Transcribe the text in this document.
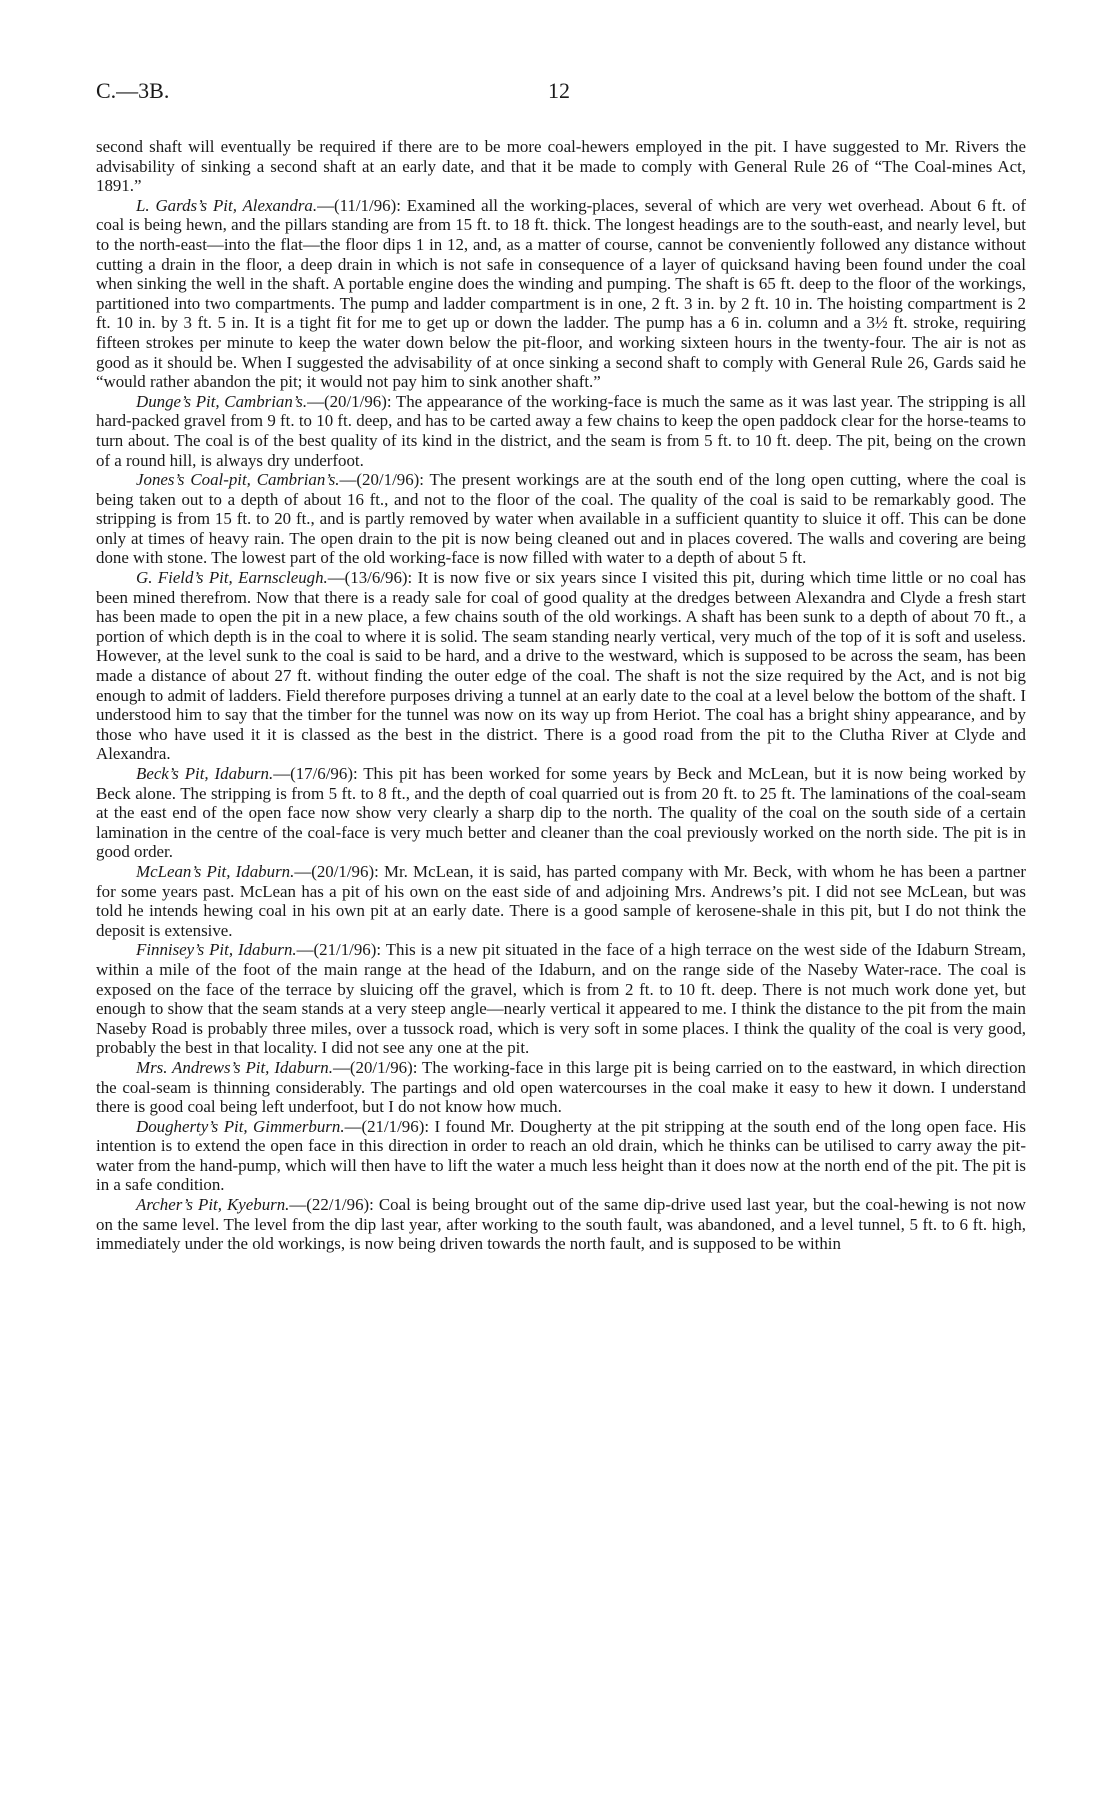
C.—3B.	12

second shaft will eventually be required if there are to be more coal-hewers employed in the pit. I have suggested to Mr. Rivers the advisability of sinking a second shaft at an early date, and that it be made to comply with General Rule 26 of “The Coal-mines Act, 1891.”

L. Gards’s Pit, Alexandra.—(11/1/96): Examined all the working-places, several of which are very wet overhead. About 6 ft. of coal is being hewn, and the pillars standing are from 15 ft. to 18 ft. thick. The longest headings are to the south-east, and nearly level, but to the north-east—into the flat—the floor dips 1 in 12, and, as a matter of course, cannot be conveniently followed any distance without cutting a drain in the floor, a deep drain in which is not safe in consequence of a layer of quicksand having been found under the coal when sinking the well in the shaft. A portable engine does the winding and pumping. The shaft is 65 ft. deep to the floor of the workings, partitioned into two compartments. The pump and ladder compartment is in one, 2 ft. 3 in. by 2 ft. 10 in. The hoisting compartment is 2 ft. 10 in. by 3 ft. 5 in. It is a tight fit for me to get up or down the ladder. The pump has a 6 in. column and a 3½ ft. stroke, requiring fifteen strokes per minute to keep the water down below the pit-floor, and working sixteen hours in the twenty-four. The air is not as good as it should be. When I suggested the advisability of at once sinking a second shaft to comply with General Rule 26, Gards said he “would rather abandon the pit; it would not pay him to sink another shaft.”

Dunge’s Pit, Cambrian’s.—(20/1/96): The appearance of the working-face is much the same as it was last year. The stripping is all hard-packed gravel from 9 ft. to 10 ft. deep, and has to be carted away a few chains to keep the open paddock clear for the horse-teams to turn about. The coal is of the best quality of its kind in the district, and the seam is from 5 ft. to 10 ft. deep. The pit, being on the crown of a round hill, is always dry underfoot.

Jones’s Coal-pit, Cambrian’s.—(20/1/96): The present workings are at the south end of the long open cutting, where the coal is being taken out to a depth of about 16 ft., and not to the floor of the coal. The quality of the coal is said to be remarkably good. The stripping is from 15 ft. to 20 ft., and is partly removed by water when available in a sufficient quantity to sluice it off. This can be done only at times of heavy rain. The open drain to the pit is now being cleaned out and in places covered. The walls and covering are being done with stone. The lowest part of the old working-face is now filled with water to a depth of about 5 ft.

G. Field’s Pit, Earnscleugh.—(13/6/96): It is now five or six years since I visited this pit, during which time little or no coal has been mined therefrom. Now that there is a ready sale for coal of good quality at the dredges between Alexandra and Clyde a fresh start has been made to open the pit in a new place, a few chains south of the old workings. A shaft has been sunk to a depth of about 70 ft., a portion of which depth is in the coal to where it is solid. The seam standing nearly vertical, very much of the top of it is soft and useless. However, at the level sunk to the coal is said to be hard, and a drive to the westward, which is supposed to be across the seam, has been made a distance of about 27 ft. without finding the outer edge of the coal. The shaft is not the size required by the Act, and is not big enough to admit of ladders. Field therefore purposes driving a tunnel at an early date to the coal at a level below the bottom of the shaft. I understood him to say that the timber for the tunnel was now on its way up from Heriot. The coal has a bright shiny appearance, and by those who have used it it is classed as the best in the district. There is a good road from the pit to the Clutha River at Clyde and Alexandra.

Beck’s Pit, Idaburn.—(17/6/96): This pit has been worked for some years by Beck and McLean, but it is now being worked by Beck alone. The stripping is from 5 ft. to 8 ft., and the depth of coal quarried out is from 20 ft. to 25 ft. The laminations of the coal-seam at the east end of the open face now show very clearly a sharp dip to the north. The quality of the coal on the south side of a certain lamination in the centre of the coal-face is very much better and cleaner than the coal previously worked on the north side. The pit is in good order.

McLean’s Pit, Idaburn.—(20/1/96): Mr. McLean, it is said, has parted company with Mr. Beck, with whom he has been a partner for some years past. McLean has a pit of his own on the east side of and adjoining Mrs. Andrews’s pit. I did not see McLean, but was told he intends hewing coal in his own pit at an early date. There is a good sample of kerosene-shale in this pit, but I do not think the deposit is extensive.

Finnisey’s Pit, Idaburn.—(21/1/96): This is a new pit situated in the face of a high terrace on the west side of the Idaburn Stream, within a mile of the foot of the main range at the head of the Idaburn, and on the range side of the Naseby Water-race. The coal is exposed on the face of the terrace by sluicing off the gravel, which is from 2 ft. to 10 ft. deep. There is not much work done yet, but enough to show that the seam stands at a very steep angle—nearly vertical it appeared to me. I think the distance to the pit from the main Naseby Road is probably three miles, over a tussock road, which is very soft in some places. I think the quality of the coal is very good, probably the best in that locality. I did not see any one at the pit.

Mrs. Andrews’s Pit, Idaburn.—(20/1/96): The working-face in this large pit is being carried on to the eastward, in which direction the coal-seam is thinning considerably. The partings and old open watercourses in the coal make it easy to hew it down. I understand there is good coal being left underfoot, but I do not know how much.

Dougherty’s Pit, Gimmerburn.—(21/1/96): I found Mr. Dougherty at the pit stripping at the south end of the long open face. His intention is to extend the open face in this direction in order to reach an old drain, which he thinks can be utilised to carry away the pit-water from the hand-pump, which will then have to lift the water a much less height than it does now at the north end of the pit. The pit is in a safe condition.

Archer’s Pit, Kyeburn.—(22/1/96): Coal is being brought out of the same dip-drive used last year, but the coal-hewing is not now on the same level. The level from the dip last year, after working to the south fault, was abandoned, and a level tunnel, 5 ft. to 6 ft. high, immediately under the old workings, is now being driven towards the north fault, and is supposed to be within
